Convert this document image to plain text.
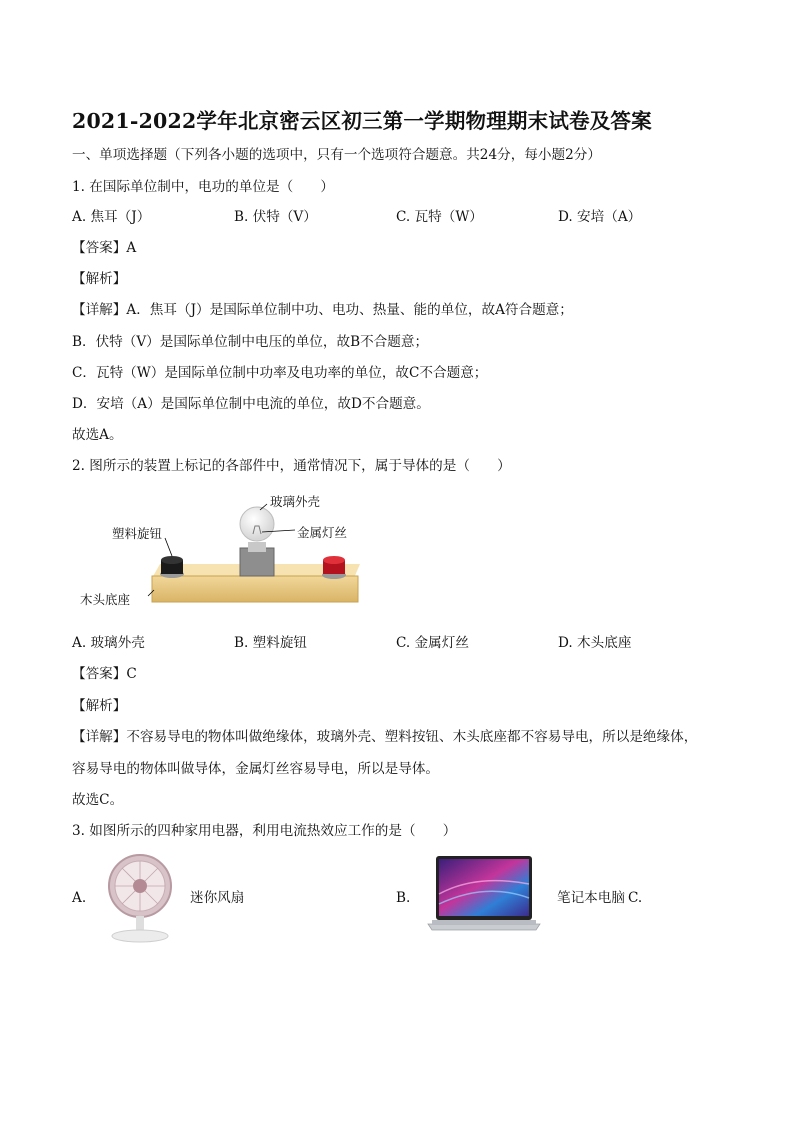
2021-2022学年北京密云区初三第一学期物理期末试卷及答案
一、单项选择题（下列各小题的选项中，只有一个选项符合题意。共24分，每小题2分）
1. 在国际单位制中，电功的单位是（　　）
A. 焦耳（J）	B. 伏特（V）	C. 瓦特（W）	D. 安培（A）
【答案】A
【解析】
【详解】A．焦耳（J）是国际单位制中功、电功、热量、能的单位，故A符合题意；
B．伏特（V）是国际单位制中电压的单位，故B不合题意；
C．瓦特（W）是国际单位制中功率及电功率的单位，故C不合题意；
D．安培（A）是国际单位制中电流的单位，故D不合题意。
故选A。
2. 图所示的装置上标记的各部件中，通常情况下，属于导体的是（　　）
玻璃外壳
金属灯丝
塑料旋钮
木头底座
A. 玻璃外壳	B. 塑料旋钮	C. 金属灯丝	D. 木头底座
【答案】C
【解析】
【详解】不容易导电的物体叫做绝缘体，玻璃外壳、塑料按钮、木头底座都不容易导电，所以是绝缘体，
容易导电的物体叫做导体，金属灯丝容易导电，所以是导体。
故选C。
3. 如图所示的四种家用电器，利用电流热效应工作的是（　　）
A.	迷你风扇	B.	笔记本电脑 C.
